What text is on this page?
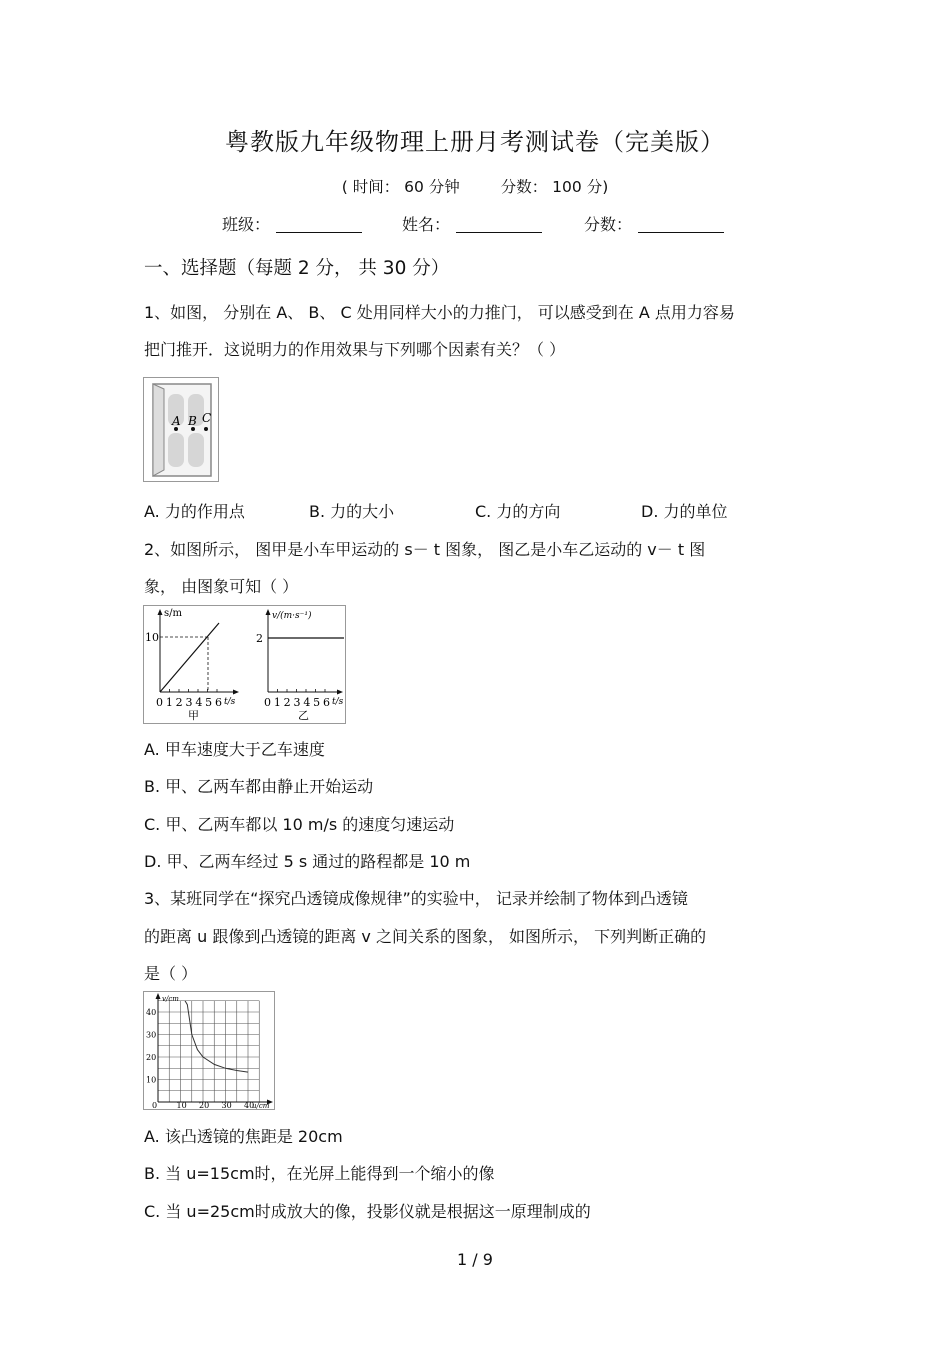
粤教版九年级物理上册月考测试卷（完美版）
( 时间： 60 分钟	分数： 100 分)
班级：	姓名：	分数：
一、选择题（每题 2 分， 共 30 分）
1、如图， 分别在 A、 B、 C 处用同样大小的力推门， 可以感受到在 A 点用力容易
把门推开．这说明力的作用效果与下列哪个因素有关？（ ）
A B C
A. 力的作用点	B. 力的大小	C. 力的方向	D. 力的单位
2、如图所示， 图甲是小车甲运动的 s－ t 图象， 图乙是小车乙运动的 v－ t 图
象， 由图象可知（ ）
s/m
10
0 1 2 3 4 5 6 t/s
甲
v/(m·s⁻¹)
2
0 1 2 3 4 5 6 t/s
乙
A. 甲车速度大于乙车速度
B. 甲、乙两车都由静止开始运动
C. 甲、乙两车都以 10 m/s 的速度匀速运动
D. 甲、乙两车经过 5 s 通过的路程都是 10 m
3、某班同学在“探究凸透镜成像规律”的实验中， 记录并绘制了物体到凸透镜
的距离 u 跟像到凸透镜的距离 v 之间关系的图象， 如图所示， 下列判断正确的
是（ ）
v/cm
u/cm
40
30
20
10
0 10 20 30 40
A. 该凸透镜的焦距是 20cm
B. 当 u=15cm时，在光屏上能得到一个缩小的像
C. 当 u=25cm时成放大的像，投影仪就是根据这一原理制成的
1 / 9
